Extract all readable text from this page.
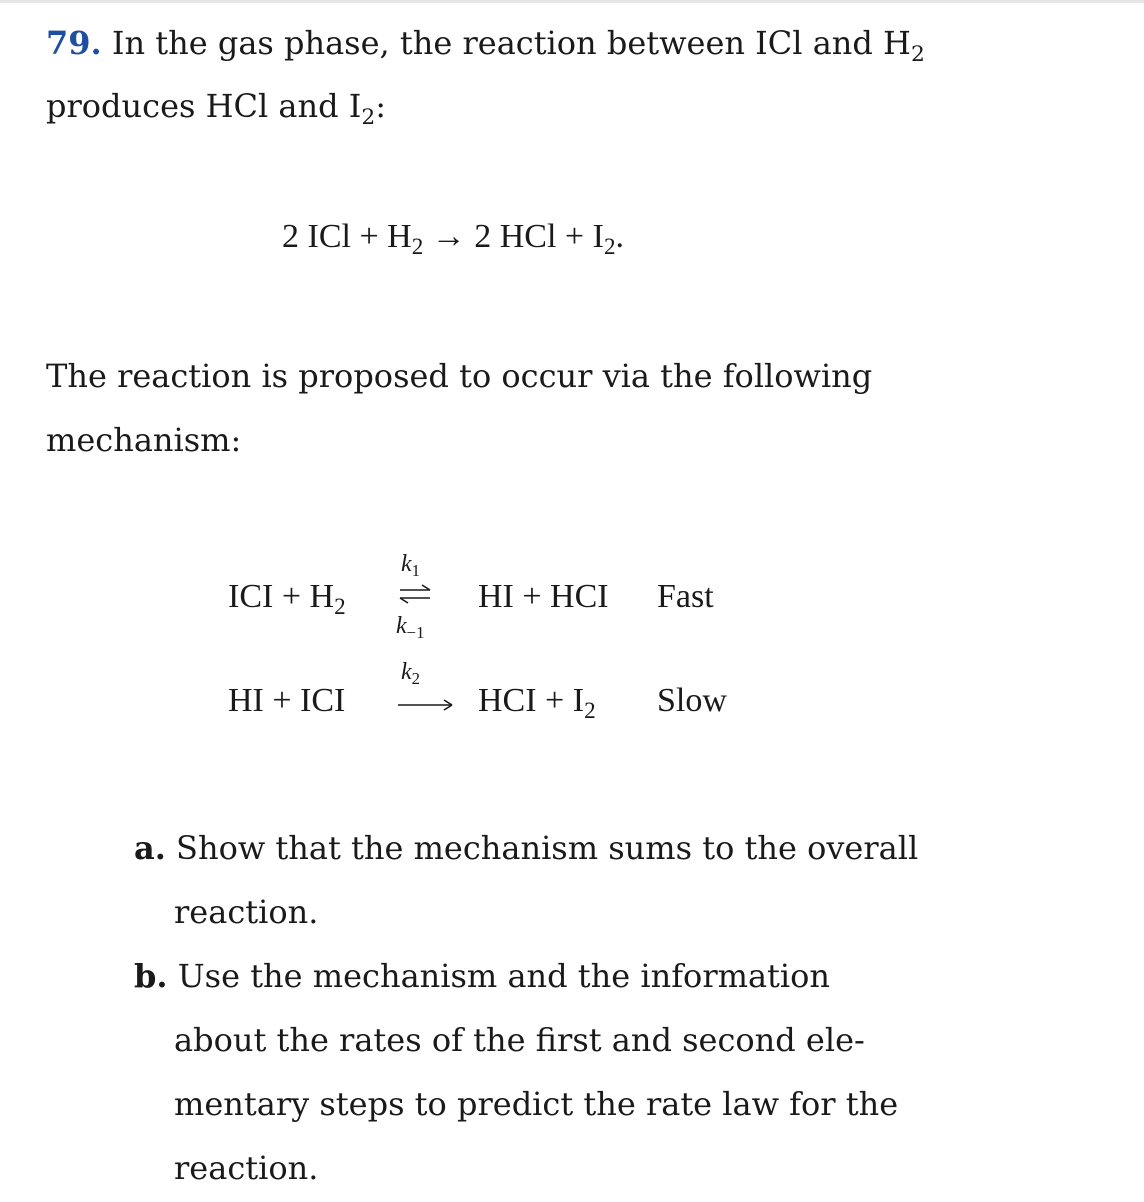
79. In the gas phase, the reaction between ICl and $H_2$
produces HCl and $I_2$:
2 ICl + $H_2 \to 2$ HCl + $I_2$.
The reaction is proposed to occur via the following
mechanism:
ICI + $H_2$
$k_1$
$k_{-1}$
HI + HCI Fast
HI + ICI
$k_2$
HCI + $I_2$ Slow
a. Show that the mechanism sums to the overall
reaction.
b. Use the mechanism and the information
about the rates of the first and second ele-
mentary steps to predict the rate law for the
reaction.
